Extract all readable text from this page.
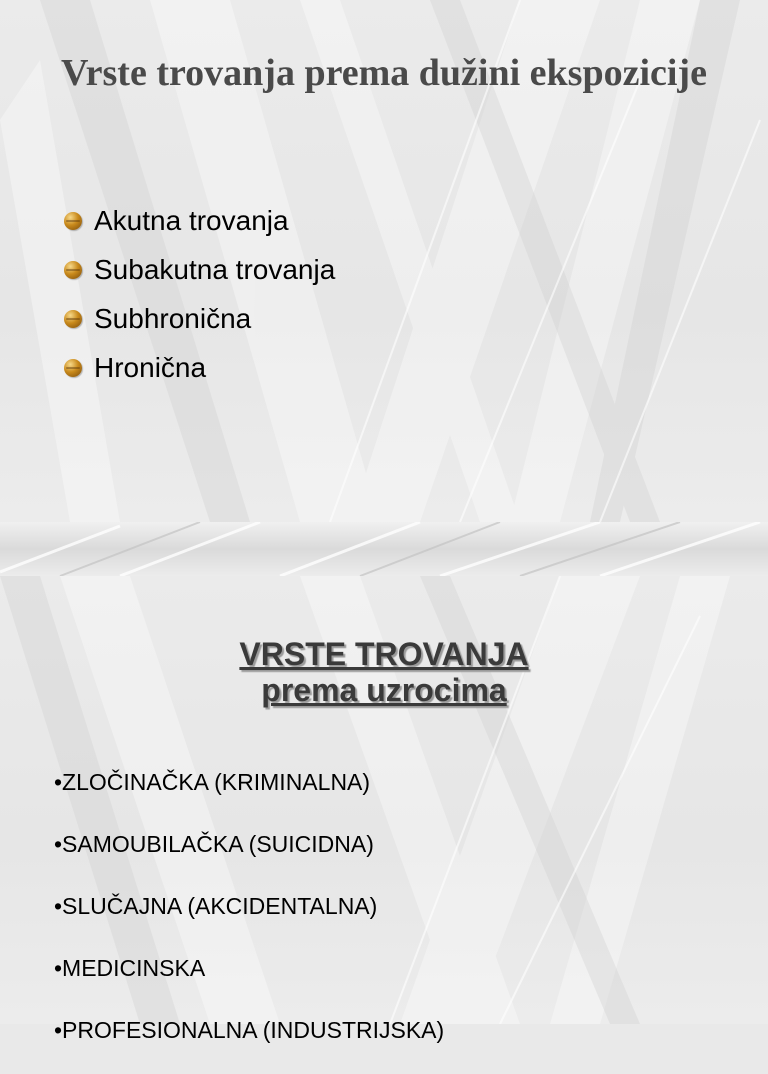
Vrste trovanja prema dužini ekspozicije
Akutna trovanja
Subakutna trovanja
Subhronična
Hronična
VRSTE TROVANJA
prema uzrocima
•ZLOČINAČKA (KRIMINALNA)
•SAMOUBILAČKA (SUICIDNA)
•SLUČAJNA (AKCIDENTALNA)
•MEDICINSKA
•PROFESIONALNA (INDUSTRIJSKA)
